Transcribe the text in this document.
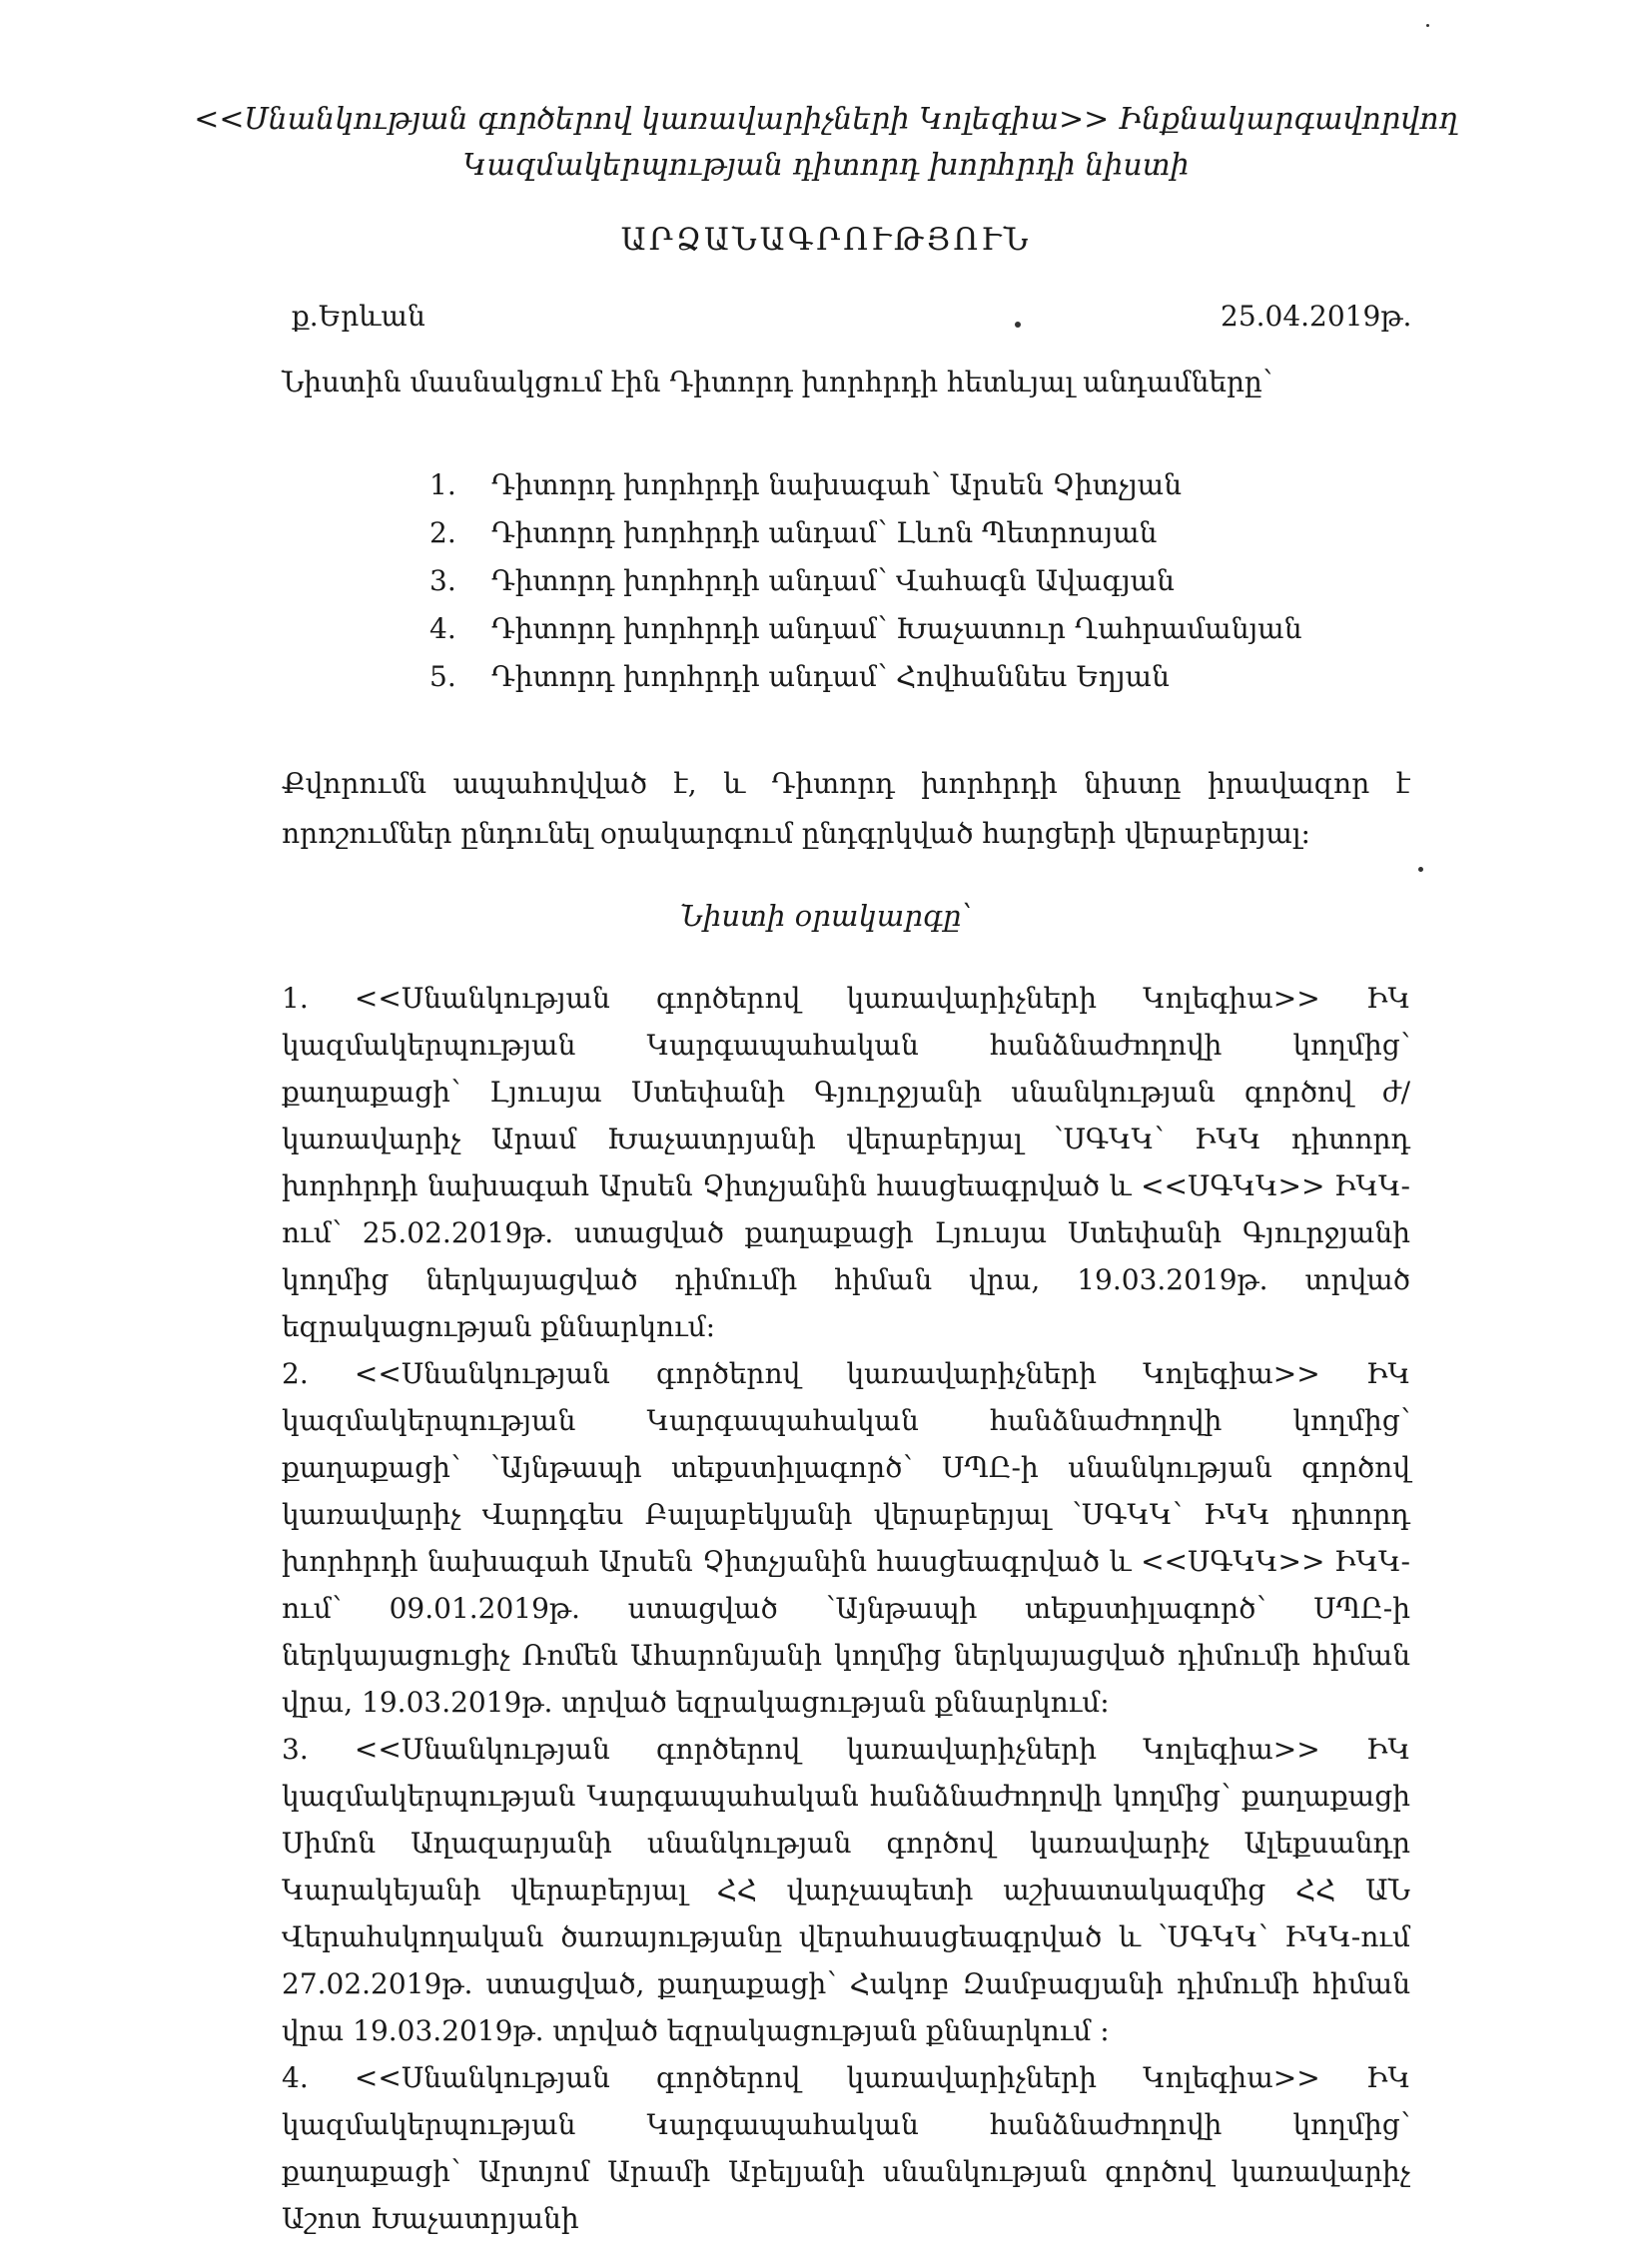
<<Սնանկության գործերով կառավարիչների Կոլեգիա>> Ինքնակարգավորվող
Կազմակերպության դիտորդ խորհրդի նիստի
ԱՐՁԱՆԱԳՐՈՒԹՅՈՒՆ
ք.Երևան	25.04.2019թ.
Նիստին մասնակցում էին Դիտորդ խորհրդի հետևյալ անդամները՝
1. Դիտորդ խորհրդի նախագահ՝ Արսեն Չիտչյան
2. Դիտորդ խորհրդի անդամ՝ Լևոն Պետրոսյան
3. Դիտորդ խորհրդի անդամ՝ Վահագն Ավագյան
4. Դիտորդ խորհրդի անդամ՝ Խաչատուր Ղահրամանյան
5. Դիտորդ խորհրդի անդամ՝ Հովհաննես Եղյան
Քվորումն ապահովված է, և Դիտորդ խորհրդի նիստը իրավազոր է որոշումներ ընդունել օրակարգում ընդգրկված հարցերի վերաբերյալ:
Նիստի օրակարգը՝
1. <<Սնանկության գործերով կառավարիչների Կոլեգիա>> ԻԿ կազմակերպության Կարգապահական հանձնաժողովի կողմից՝ քաղաքացի՝ Լյուսյա Ստեփանի Գյուրջյանի սնանկության գործով ժ/կառավարիչ Արամ Խաչատրյանի վերաբերյալ ՝ՍԳԿԿ՝ ԻԿԿ դիտորդ խորհրդի նախագահ Արսեն Չիտչյանին հասցեագրված և <<ՍԳԿԿ>> ԻԿԿ-ում՝ 25.02.2019թ. ստացված քաղաքացի Լյուսյա Ստեփանի Գյուրջյանի կողմից ներկայացված դիմումի հիման վրա, 19.03.2019թ. տրված եզրակացության քննարկում:
2. <<Սնանկության գործերով կառավարիչների Կոլեգիա>> ԻԿ կազմակերպության Կարգապահական հանձնաժողովի կողմից՝ քաղաքացի՝ ՝Այնթապի տեքստիլագործ՝ ՍՊԸ-ի սնանկության գործով կառավարիչ Վարդգես Բալաբեկյանի վերաբերյալ ՝ՍԳԿԿ՝ ԻԿԿ դիտորդ խորհրդի նախագահ Արսեն Չիտչյանին հասցեագրված և <<ՍԳԿԿ>> ԻԿԿ-ում՝ 09.01.2019թ. ստացված ՝Այնթապի տեքստիլագործ՝ ՍՊԸ-ի ներկայացուցիչ Ռոմեն Ահարոնյանի կողմից ներկայացված դիմումի հիման վրա, 19.03.2019թ. տրված եզրակացության քննարկում:
3. <<Սնանկության գործերով կառավարիչների Կոլեգիա>> ԻԿ կազմակերպության Կարգապահական հանձնաժողովի կողմից՝ քաղաքացի Սիմոն Աղազարյանի սնանկության գործով կառավարիչ Ալեքսանդր Կարակեյանի վերաբերյալ ՀՀ վարչապետի աշխատակազմից ՀՀ ԱՆ Վերահսկողական ծառայությանը վերահասցեագրված և ՝ՍԳԿԿ՝ ԻԿԿ-ում 27.02.2019թ. ստացված, քաղաքացի՝ Հակոբ Զամբազյանի դիմումի հիման վրա 19.03.2019թ. տրված եզրակացության քննարկում :
4. <<Սնանկության գործերով կառավարիչների Կոլեգիա>> ԻԿ կազմակերպության Կարգապահական հանձնաժողովի կողմից՝ քաղաքացի՝ Արտյոմ Արամի Աբելյանի սնանկության գործով կառավարիչ Աշոտ Խաչատրյանի
